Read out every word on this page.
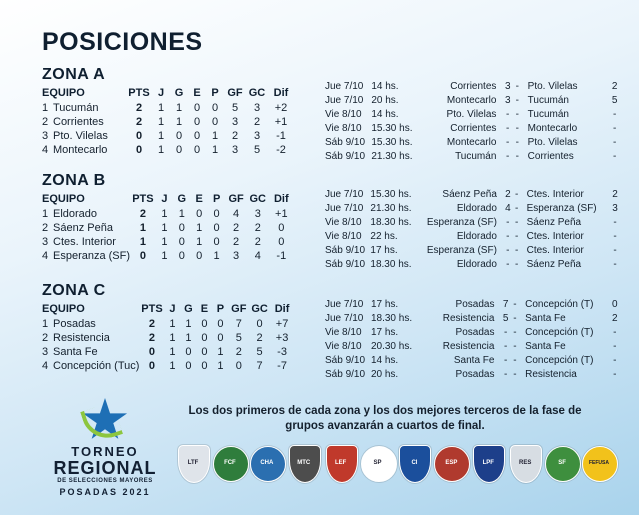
POSICIONES
ZONA A
EQUIPO	PTS	J	G	E	P	GF	GC	Dif
1 Tucumán	2	1	1	0	0	5	3	+2
2 Corrientes	2	1	1	0	0	3	2	+1
3 Pto. Vilelas	0	1	0	0	1	2	3	-1
4 Montecarlo	0	1	0	0	1	3	5	-2
ZONA B
EQUIPO	PTS	J	G	E	P	GF	GC	Dif
1 Eldorado	2	1	1	0	0	4	3	+1
2 Sáenz Peña	1	1	0	1	0	2	2	0
3 Ctes. Interior	1	1	0	1	0	2	2	0
4 Esperanza (SF)	0	1	0	0	1	3	4	-1
ZONA C
EQUIPO	PTS	J	G	E	P	GF	GC	Dif
1 Posadas	2	1	1	0	0	7	0	+7
2 Resistencia	2	1	1	0	0	5	2	+3
3 Santa Fe	0	1	0	0	1	2	5	-3
4 Concepción (Tuc)	0	1	0	0	1	0	7	-7
Jue 7/10	14 hs.	Corrientes	3	-	Pto. Vilelas	2
Jue 7/10	20 hs.	Montecarlo	3	-	Tucumán	5
Vie 8/10	14 hs.	Pto. Vilelas	-	-	Tucumán	-
Vie 8/10	15.30 hs.	Corrientes	-	-	Montecarlo	-
Sáb 9/10	15.30 hs.	Montecarlo	-	-	Pto. Vilelas	-
Sáb 9/10	21.30 hs.	Tucumán	-	-	Corrientes	-
Jue 7/10	15.30 hs.	Sáenz Peña	2	-	Ctes. Interior	2
Jue 7/10	21.30 hs.	Eldorado	4	-	Esperanza (SF)	3
Vie 8/10	18.30 hs.	Esperanza (SF)	-	-	Sáenz Peña	-
Vie 8/10	22 hs.	Eldorado	-	-	Ctes. Interior	-
Sáb 9/10	17 hs.	Esperanza (SF)	-	-	Ctes. Interior	-
Sáb 9/10	18.30 hs.	Eldorado	-	-	Sáenz Peña	-
Jue 7/10	17 hs.	Posadas	7	-	Concepción (T)	0
Jue 7/10	18.30 hs.	Resistencia	5	-	Santa Fe	2
Vie 8/10	17 hs.	Posadas	-	-	Concepción (T)	-
Vie 8/10	20.30 hs.	Resistencia	-	-	Santa Fe	-
Sáb 9/10	14 hs.	Santa Fe	-	-	Concepción (T)	-
Sáb 9/10	20 hs.	Posadas	-	-	Resistencia	-
Los dos primeros de cada zona y los dos mejores terceros de la fase de grupos avanzarán a cuartos de final.
TORNEO
REGIONAL
DE SELECCIONES MAYORES
POSADAS 2021
LTF	FCF	CHA	MTC	LEF	SP	CI	ESP	LPF	RES	SF	FEFUSA
